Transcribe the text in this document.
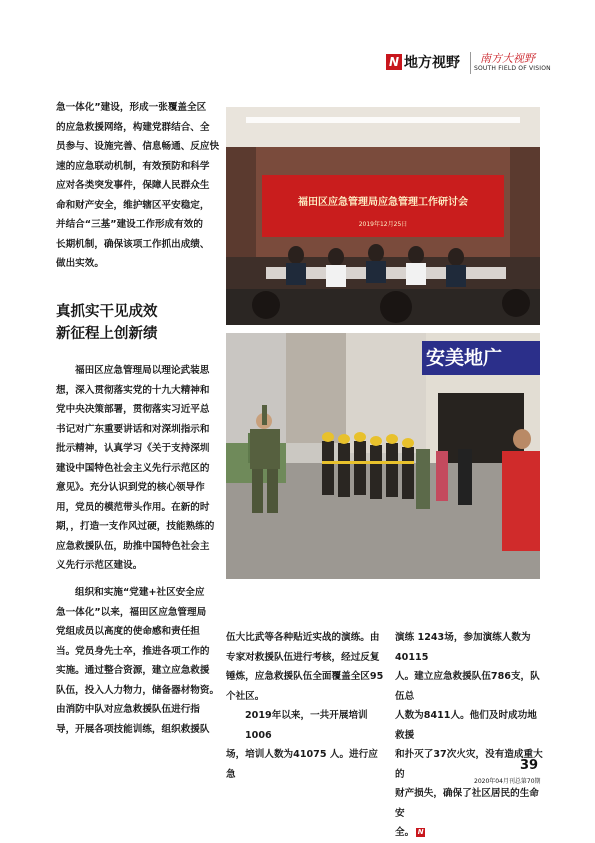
N 地方视野 南方大视野
SOUTH FIELD OF VISION
急一体化”建设，形成一张覆盖全区
的应急救援网络，构建党群结合、全
员参与、设施完善、信息畅通、反应快
速的应急联动机制，有效预防和科学
应对各类突发事件，保障人民群众生
命和财产安全，维护辖区平安稳定，
并结合“三基”建设工作形成有效的
长期机制，确保该项工作抓出成绩、
做出实效。
真抓实干见成效
新征程上创新绩
福田区应急管理局以理论武装思
想，深入贯彻落实党的十九大精神和
党中央决策部署，贯彻落实习近平总
书记对广东重要讲话和对深圳指示和
批示精神，认真学习《关于支持深圳
建设中国特色社会主义先行示范区的
意见》。充分认识到党的核心领导作
用，党员的模范带头作用。在新的时
期，，打造一支作风过硬，技能熟练的
应急救援队伍，助推中国特色社会主
义先行示范区建设。
组织和实施“党建+社区安全应
急一体化”以来，福田区应急管理局
党组成员以高度的使命感和责任担
当。党员身先士卒，推进各项工作的
实施。通过整合资源，建立应急救援
队伍，投入人力物力，储备器材物资。
由消防中队对应急救援队伍进行指
导，开展各项技能训练，组织救援队
福田区应急管理局应急管理工作研讨会
2019年12月25日
安美地广
伍大比武等各种贴近实战的演练。由
专家对救援队伍进行考核，经过反复
锤炼，应急救援队伍全面覆盖全区95
个社区。
2019年以来，一共开展培训1006
场，培训人数为41075 人。进行应急
演练 1243场，参加演练人数为40115
人。建立应急救援队伍786支，队伍总
人数为8411人。他们及时成功地救援
和扑灭了37次火灾，没有造成重大的
财产损失，确保了社区居民的生命安
全。 N
39
2020年04月刊总第70期
